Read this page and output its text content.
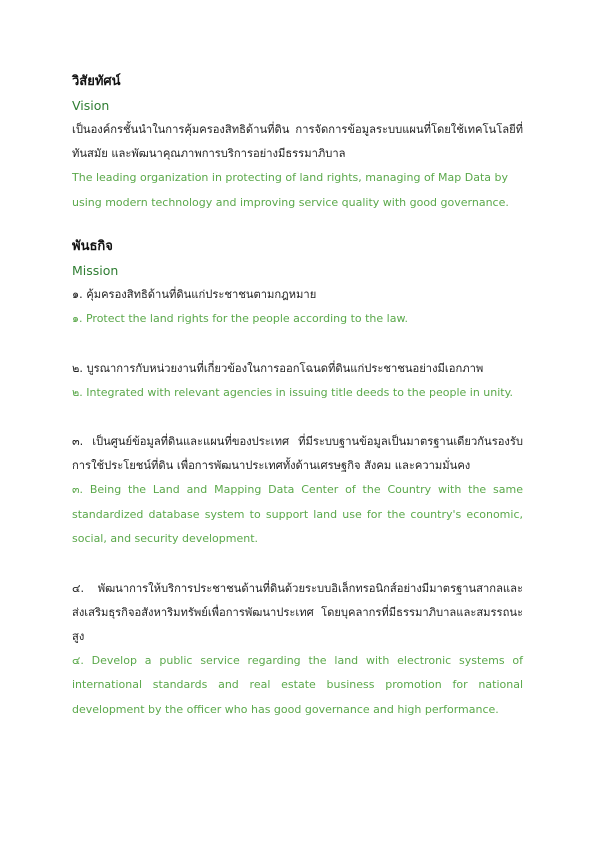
วิสัยทัศน์
Vision

เป็นองค์กรชั้นนำในการคุ้มครองสิทธิด้านที่ดิน การจัดการข้อมูลระบบแผนที่โดยใช้เทคโนโลยีที่ทันสมัย และพัฒนาคุณภาพการบริการอย่างมีธรรมาภิบาล

The leading organization in protecting of land rights, managing of Map Data by using modern technology and improving service quality with good governance.

พันธกิจ
Mission

๑. คุ้มครองสิทธิด้านที่ดินแก่ประชาชนตามกฎหมาย

๑. Protect the land rights for the people according to the law.

๒. บูรณาการกับหน่วยงานที่เกี่ยวข้องในการออกโฉนดที่ดินแก่ประชาชนอย่างมีเอกภาพ

๒. Integrated with relevant agencies in issuing title deeds to the people in unity.

๓. เป็นศูนย์ข้อมูลที่ดินและแผนที่ของประเทศ ที่มีระบบฐานข้อมูลเป็นมาตรฐานเดียวกันรองรับการใช้ประโยชน์ที่ดิน เพื่อการพัฒนาประเทศทั้งด้านเศรษฐกิจ สังคม และความมั่นคง

๓. Being the Land and Mapping Data Center of the Country with the same standardized database system to support land use for the country's economic, social, and security development.

๔. พัฒนาการให้บริการประชาชนด้านที่ดินด้วยระบบอิเล็กทรอนิกส์อย่างมีมาตรฐานสากลและส่งเสริมธุรกิจอสังหาริมทรัพย์เพื่อการพัฒนาประเทศ โดยบุคลากรที่มีธรรมาภิบาลและสมรรถนะสูง

๔. Develop a public service regarding the land with electronic systems of international standards and real estate business promotion for national development by the officer who has good governance and high performance.
